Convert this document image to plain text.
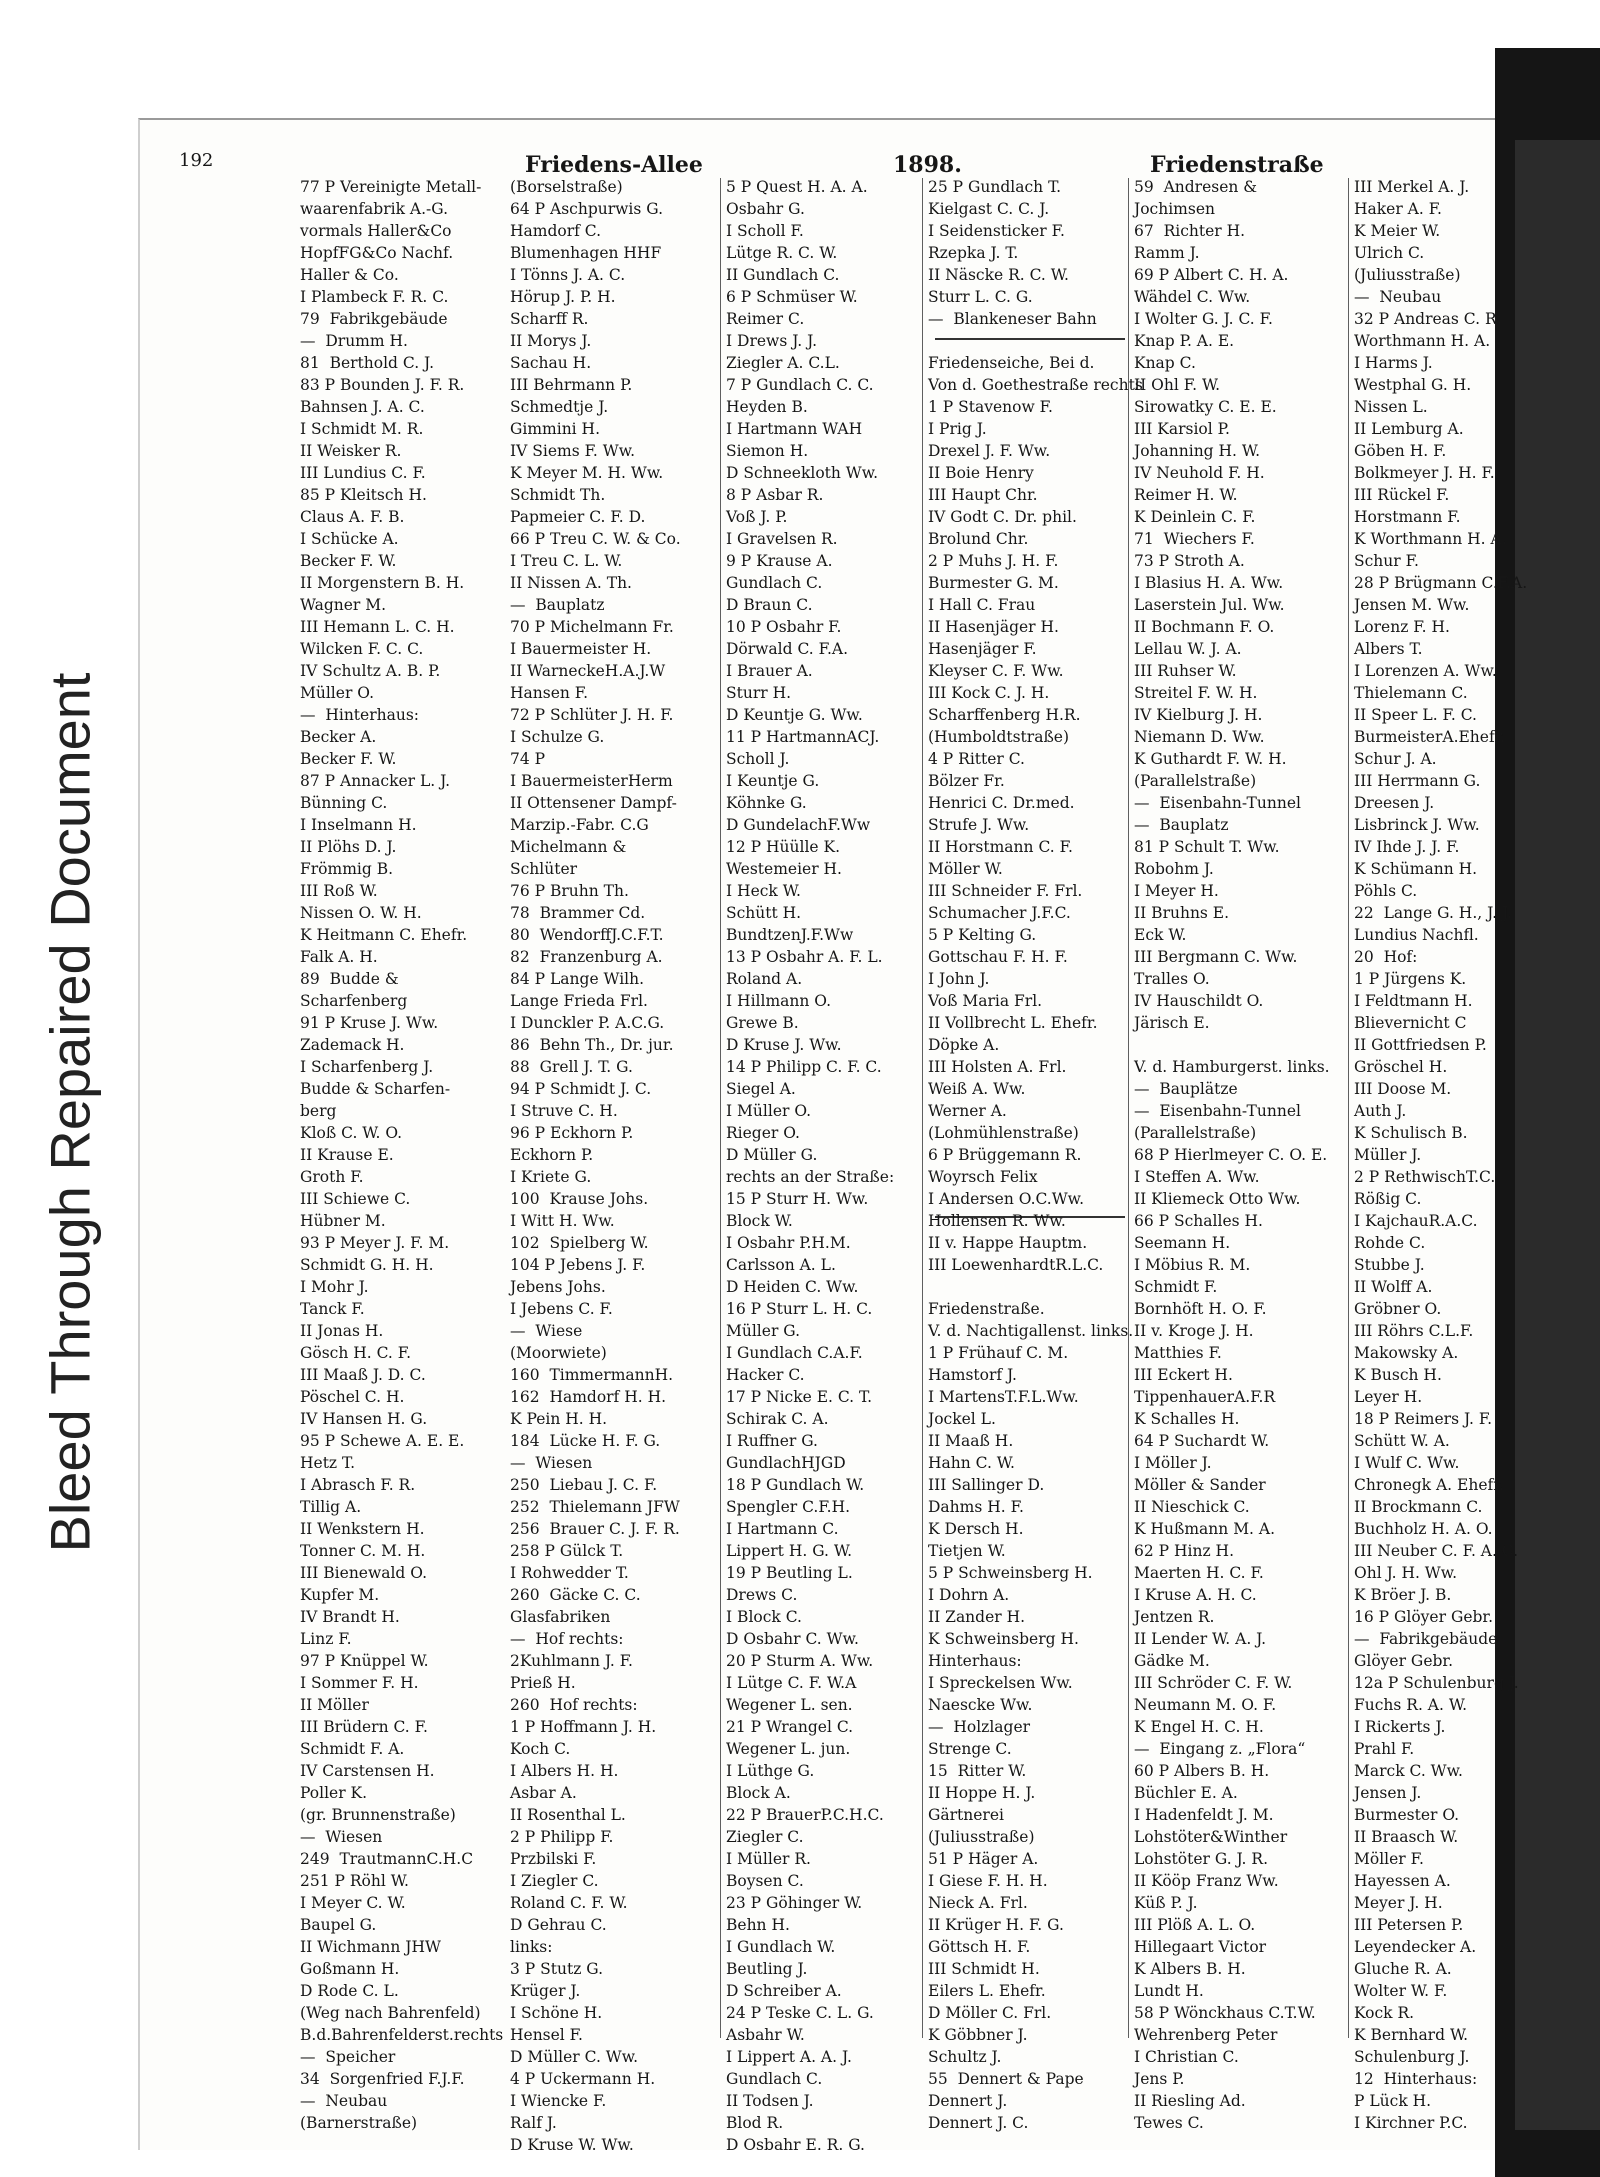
Bleed Through Repaired Document
192	Friedens-Allee	1898.	Friedenstraße
77 P Vereinigte Metall-
waarenfabrik A.-G.
vormals Haller&Co
HopfFG&Co Nachf.
Haller & Co.
I Plambeck F. R. C.
79  Fabrikgebäude
—  Drumm H.
81  Berthold C. J.
83 P Bounden J. F. R.
Bahnsen J. A. C.
I Schmidt M. R.
II Weisker R.
III Lundius C. F.
85 P Kleitsch H.
Claus A. F. B.
I Schücke A.
Becker F. W.
II Morgenstern B. H.
Wagner M.
III Hemann L. C. H.
Wilcken F. C. C.
IV Schultz A. B. P.
Müller O.
—  Hinterhaus:
Becker A.
Becker F. W.
87 P Annacker L. J.
Bünning C.
I Inselmann H.
II Plöhs D. J.
Frömmig B.
III Roß W.
Nissen O. W. H.
K Heitmann C. Ehefr.
Falk A. H.
89  Budde &
Scharfenberg
91 P Kruse J. Ww.
Zademack H.
I Scharfenberg J.
Budde & Scharfen-
berg
Kloß C. W. O.
II Krause E.
Groth F.
III Schiewe C.
Hübner M.
93 P Meyer J. F. M.
Schmidt G. H. H.
I Mohr J.
Tanck F.
II Jonas H.
Gösch H. C. F.
III Maaß J. D. C.
Pöschel C. H.
IV Hansen H. G.
95 P Schewe A. E. E.
Hetz T.
I Abrasch F. R.
Tillig A.
II Wenkstern H.
Tonner C. M. H.
III Bienewald O.
Kupfer M.
IV Brandt H.
Linz F.
97 P Knüppel W.
I Sommer F. H.
II Möller
III Brüdern C. F.
Schmidt F. A.
IV Carstensen H.
Poller K.
(gr. Brunnenstraße)
—  Wiesen
249  TrautmannC.H.C
251 P Röhl W.
I Meyer C. W.
Baupel G.
II Wichmann JHW
Goßmann H.
D Rode C. L.
(Weg nach Bahrenfeld)
B.d.Bahrenfelderst.rechts
—  Speicher
34  Sorgenfried F.J.F.
—  Neubau
(Barnerstraße)
(Borselstraße)
64 P Aschpurwis G.
Hamdorf C.
Blumenhagen HHF
I Tönns J. A. C.
Hörup J. P. H.
Scharff R.
II Morys J.
Sachau H.
III Behrmann P.
Schmedtje J.
Gimmini H.
IV Siems F. Ww.
K Meyer M. H. Ww.
Schmidt Th.
Papmeier C. F. D.
66 P Treu C. W. & Co.
I Treu C. L. W.
II Nissen A. Th.
—  Bauplatz
70 P Michelmann Fr.
I Bauermeister H.
II WarneckeH.A.J.W
Hansen F.
72 P Schlüter J. H. F.
I Schulze G.
74 P
I BauermeisterHerm
II Ottensener Dampf-
Marzip.-Fabr. C.G
Michelmann &
Schlüter
76 P Bruhn Th.
78  Brammer Cd.
80  WendorffJ.C.F.T.
82  Franzenburg A.
84 P Lange Wilh.
Lange Frieda Frl.
I Dunckler P. A.C.G.
86  Behn Th., Dr. jur.
88  Grell J. T. G.
94 P Schmidt J. C.
I Struve C. H.
96 P Eckhorn P.
Eckhorn P.
I Kriete G.
100  Krause Johs.
I Witt H. Ww.
102  Spielberg W.
104 P Jebens J. F.
Jebens Johs.
I Jebens C. F.
—  Wiese
(Moorwiete)
160  TimmermannH.
162  Hamdorf H. H.
K Pein H. H.
184  Lücke H. F. G.
—  Wiesen
250  Liebau J. C. F.
252  Thielemann JFW
256  Brauer C. J. F. R.
258 P Gülck T.
I Rohwedder T.
260  Gäcke C. C.
Glasfabriken
—  Hof rechts:
2Kuhlmann J. F.
Prieß H.
260  Hof rechts:
1 P Hoffmann J. H.
Koch C.
I Albers H. H.
Asbar A.
II Rosenthal L.
2 P Philipp F.
Przbilski F.
I Ziegler C.
Roland C. F. W.
D Gehrau C.
links:
3 P Stutz G.
Krüger J.
I Schöne H.
Hensel F.
D Müller C. Ww.
4 P Uckermann H.
I Wiencke F.
Ralf J.
D Kruse W. Ww.
5 P Quest H. A. A.
Osbahr G.
I Scholl F.
Lütge R. C. W.
II Gundlach C.
6 P Schmüser W.
Reimer C.
I Drews J. J.
Ziegler A. C.L.
7 P Gundlach C. C.
Heyden B.
I Hartmann WAH
Siemon H.
D Schneekloth Ww.
8 P Asbar R.
Voß J. P.
I Gravelsen R.
9 P Krause A.
Gundlach C.
D Braun C.
10 P Osbahr F.
Dörwald C. F.A.
I Brauer A.
Sturr H.
D Keuntje G. Ww.
11 P HartmannACJ.
Scholl J.
I Keuntje G.
Köhnke G.
D GundelachF.Ww
12 P Hüülle K.
Westemeier H.
I Heck W.
Schütt H.
BundtzenJ.F.Ww
13 P Osbahr A. F. L.
Roland A.
I Hillmann O.
Grewe B.
D Kruse J. Ww.
14 P Philipp C. F. C.
Siegel A.
I Müller O.
Rieger O.
D Müller G.
rechts an der Straße:
15 P Sturr H. Ww.
Block W.
I Osbahr P.H.M.
Carlsson A. L.
D Heiden C. Ww.
16 P Sturr L. H. C.
Müller G.
I Gundlach C.A.F.
Hacker C.
17 P Nicke E. C. T.
Schirak C. A.
I Ruffner G.
GundlachHJGD
18 P Gundlach W.
Spengler C.F.H.
I Hartmann C.
Lippert H. G. W.
19 P Beutling L.
Drews C.
I Block C.
D Osbahr C. Ww.
20 P Sturm A. Ww.
I Lütge C. F. W.A
Wegener L. sen.
21 P Wrangel C.
Wegener L. jun.
I Lüthge G.
Block A.
22 P BrauerP.C.H.C.
Ziegler C.
I Müller R.
Boysen C.
23 P Göhinger W.
Behn H.
I Gundlach W.
Beutling J.
D Schreiber A.
24 P Teske C. L. G.
Asbahr W.
I Lippert A. A. J.
Gundlach C.
II Todsen J.
Blod R.
D Osbahr E. R. G.
25 P Gundlach T.
Kielgast C. C. J.
I Seidensticker F.
Rzepka J. T.
II Näscke R. C. W.
Sturr L. C. G.
—  Blankeneser Bahn
Friedenseiche, Bei d.
Von d. Goethestraße rechts
1 P Stavenow F.
I Prig J.
Drexel J. F. Ww.
II Boie Henry
III Haupt Chr.
IV Godt C. Dr. phil.
Brolund Chr.
2 P Muhs J. H. F.
Burmester G. M.
I Hall C. Frau
II Hasenjäger H.
Hasenjäger F.
Kleyser C. F. Ww.
III Kock C. J. H.
Scharffenberg H.R.
(Humboldtstraße)
4 P Ritter C.
Bölzer Fr.
Henrici C. Dr.med.
Strufe J. Ww.
II Horstmann C. F.
Möller W.
III Schneider F. Frl.
Schumacher J.F.C.
5 P Kelting G.
Gottschau F. H. F.
I John J.
Voß Maria Frl.
II Vollbrecht L. Ehefr.
Döpke A.
III Holsten A. Frl.
Weiß A. Ww.
Werner A.
(Lohmühlenstraße)
6 P Brüggemann R.
Woyrsch Felix
I Andersen O.C.Ww.
Hollensen R. Ww.
II v. Happe Hauptm.
III LoewenhardtR.L.C.
Friedenstraße.
V. d. Nachtigallenst. links.
1 P Frühauf C. M.
Hamstorf J.
I MartensT.F.L.Ww.
Jockel L.
II Maaß H.
Hahn C. W.
III Sallinger D.
Dahms H. F.
K Dersch H.
Tietjen W.
5 P Schweinsberg H.
I Dohrn A.
II Zander H.
K Schweinsberg H.
Hinterhaus:
I Spreckelsen Ww.
Naescke Ww.
—  Holzlager
Strenge C.
15  Ritter W.
II Hoppe H. J.
Gärtnerei
(Juliusstraße)
51 P Häger A.
I Giese F. H. H.
Nieck A. Frl.
II Krüger H. F. G.
Göttsch H. F.
III Schmidt H.
Eilers L. Ehefr.
D Möller C. Frl.
K Göbbner J.
Schultz J.
55  Dennert & Pape
Dennert J.
Dennert J. C.
59  Andresen &
Jochimsen
67  Richter H.
Ramm J.
69 P Albert C. H. A.
Wähdel C. Ww.
I Wolter G. J. C. F.
Knap P. A. E.
Knap C.
II Ohl F. W.
Sirowatky C. E. E.
III Karsiol P.
Johanning H. W.
IV Neuhold F. H.
Reimer H. W.
K Deinlein C. F.
71  Wiechers F.
73 P Stroth A.
I Blasius H. A. Ww.
Laserstein Jul. Ww.
II Bochmann F. O.
Lellau W. J. A.
III Ruhser W.
Streitel F. W. H.
IV Kielburg J. H.
Niemann D. Ww.
K Guthardt F. W. H.
(Parallelstraße)
—  Eisenbahn-Tunnel
—  Bauplatz
81 P Schult T. Ww.
Robohm J.
I Meyer H.
II Bruhns E.
Eck W.
III Bergmann C. Ww.
Tralles O.
IV Hauschildt O.
Järisch E.
V. d. Hamburgerst. links.
—  Bauplätze
—  Eisenbahn-Tunnel
(Parallelstraße)
68 P Hierlmeyer C. O. E.
I Steffen A. Ww.
II Kliemeck Otto Ww.
66 P Schalles H.
Seemann H.
I Möbius R. M.
Schmidt F.
Bornhöft H. O. F.
II v. Kroge J. H.
Matthies F.
III Eckert H.
TippenhauerA.F.R
K Schalles H.
64 P Suchardt W.
I Möller J.
Möller & Sander
II Nieschick C.
K Hußmann M. A.
62 P Hinz H.
Maerten H. C. F.
I Kruse A. H. C.
Jentzen R.
II Lender W. A. J.
Gädke M.
III Schröder C. F. W.
Neumann M. O. F.
K Engel H. C. H.
—  Eingang z. „Flora“
60 P Albers B. H.
Büchler E. A.
I Hadenfeldt J. M.
Lohstöter&Winther
Lohstöter G. J. R.
II Kööp Franz Ww.
Küß P. J.
III Plöß A. L. O.
Hillegaart Victor
K Albers B. H.
Lundt H.
58 P Wönckhaus C.T.W.
Wehrenberg Peter
I Christian C.
Jens P.
II Riesling Ad.
Tewes C.
III Merkel A. J.
Haker A. F.
K Meier W.
Ulrich C.
(Juliusstraße)
—  Neubau
32 P Andreas C. R.
Worthmann H. A.
I Harms J.
Westphal G. H.
Nissen L.
II Lemburg A.
Göben H. F.
Bolkmeyer J. H. F.
III Rückel F.
Horstmann F.
K Worthmann H. A.
Schur F.
28 P Brügmann C.F.A.
Jensen M. Ww.
Lorenz F. H.
Albers T.
I Lorenzen A. Ww.
Thielemann C.
II Speer L. F. C.
BurmeisterA.Ehefr.
Schur J. A.
III Herrmann G.
Dreesen J.
Lisbrinck J. Ww.
IV Ihde J. J. F.
K Schümann H.
Pöhls C.
22  Lange G. H., J. J.
Lundius Nachfl.
20  Hof:
1 P Jürgens K.
I Feldtmann H.
Blievernicht C
II Gottfriedsen P.
Gröschel H.
III Doose M.
Auth J.
K Schulisch B.
Müller J.
2 P RethwischT.C.
Rößig C.
I KajchauR.A.C.
Rohde C.
Stubbe J.
II Wolff A.
Gröbner O.
III Röhrs C.L.F.
Makowsky A.
K Busch H.
Leyer H.
18 P Reimers J. F.
Schütt W. A.
I Wulf C. Ww.
Chronegk A. Ehefr.
II Brockmann C.
Buchholz H. A. O.
III Neuber C. F. A. C.
Ohl J. H. Ww.
K Bröer J. B.
16 P Glöyer Gebr.
—  Fabrikgebäude
Glöyer Gebr.
12a P Schulenburg J.
Fuchs R. A. W.
I Rickerts J.
Prahl F.
Marck C. Ww.
Jensen J.
Burmester O.
II Braasch W.
Möller F.
Hayessen A.
Meyer J. H.
III Petersen P.
Leyendecker A.
Gluche R. A.
Wolter W. F.
Kock R.
K Bernhard W.
Schulenburg J.
12  Hinterhaus:
P Lück H.
I Kirchner P.C.
